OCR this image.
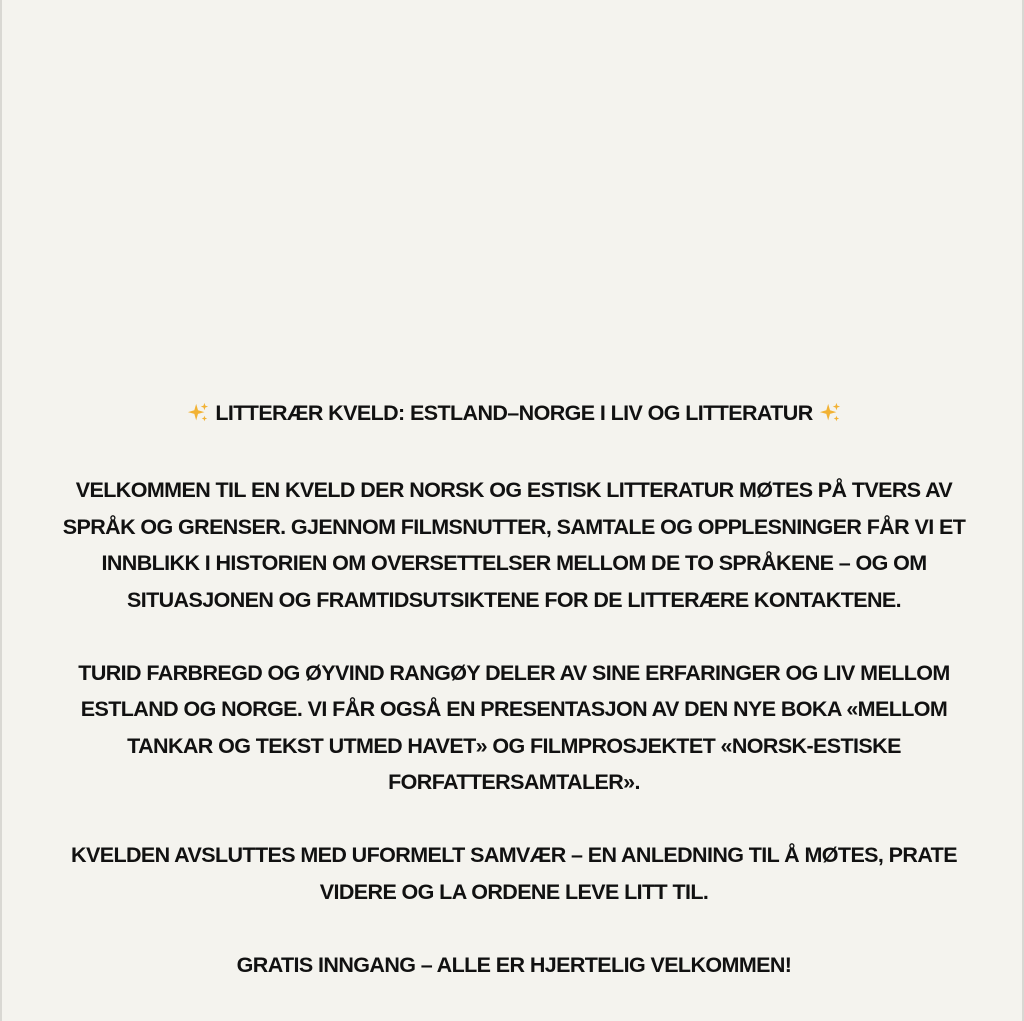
LITTERÆR KVELD: ESTLAND–NORGE I LIV OG LITTERATUR

VELKOMMEN TIL EN KVELD DER NORSK OG ESTISK LITTERATUR MØTES PÅ TVERS AV
SPRÅK OG GRENSER. GJENNOM FILMSNUTTER, SAMTALE OG OPPLESNINGER FÅR VI ET
INNBLIKK I HISTORIEN OM OVERSETTELSER MELLOM DE TO SPRÅKENE – OG OM
SITUASJONEN OG FRAMTIDSUTSIKTENE FOR DE LITTERÆRE KONTAKTENE.

TURID FARBREGD OG ØYVIND RANGØY DELER AV SINE ERFARINGER OG LIV MELLOM
ESTLAND OG NORGE. VI FÅR OGSÅ EN PRESENTASJON AV DEN NYE BOKA «MELLOM
TANKAR OG TEKST UTMED HAVET» OG FILMPROSJEKTET «NORSK-ESTISKE
FORFATTERSAMTALER».

KVELDEN AVSLUTTES MED UFORMELT SAMVÆR – EN ANLEDNING TIL Å MØTES, PRATE
VIDERE OG LA ORDENE LEVE LITT TIL.

GRATIS INNGANG – ALLE ER HJERTELIG VELKOMMEN!
